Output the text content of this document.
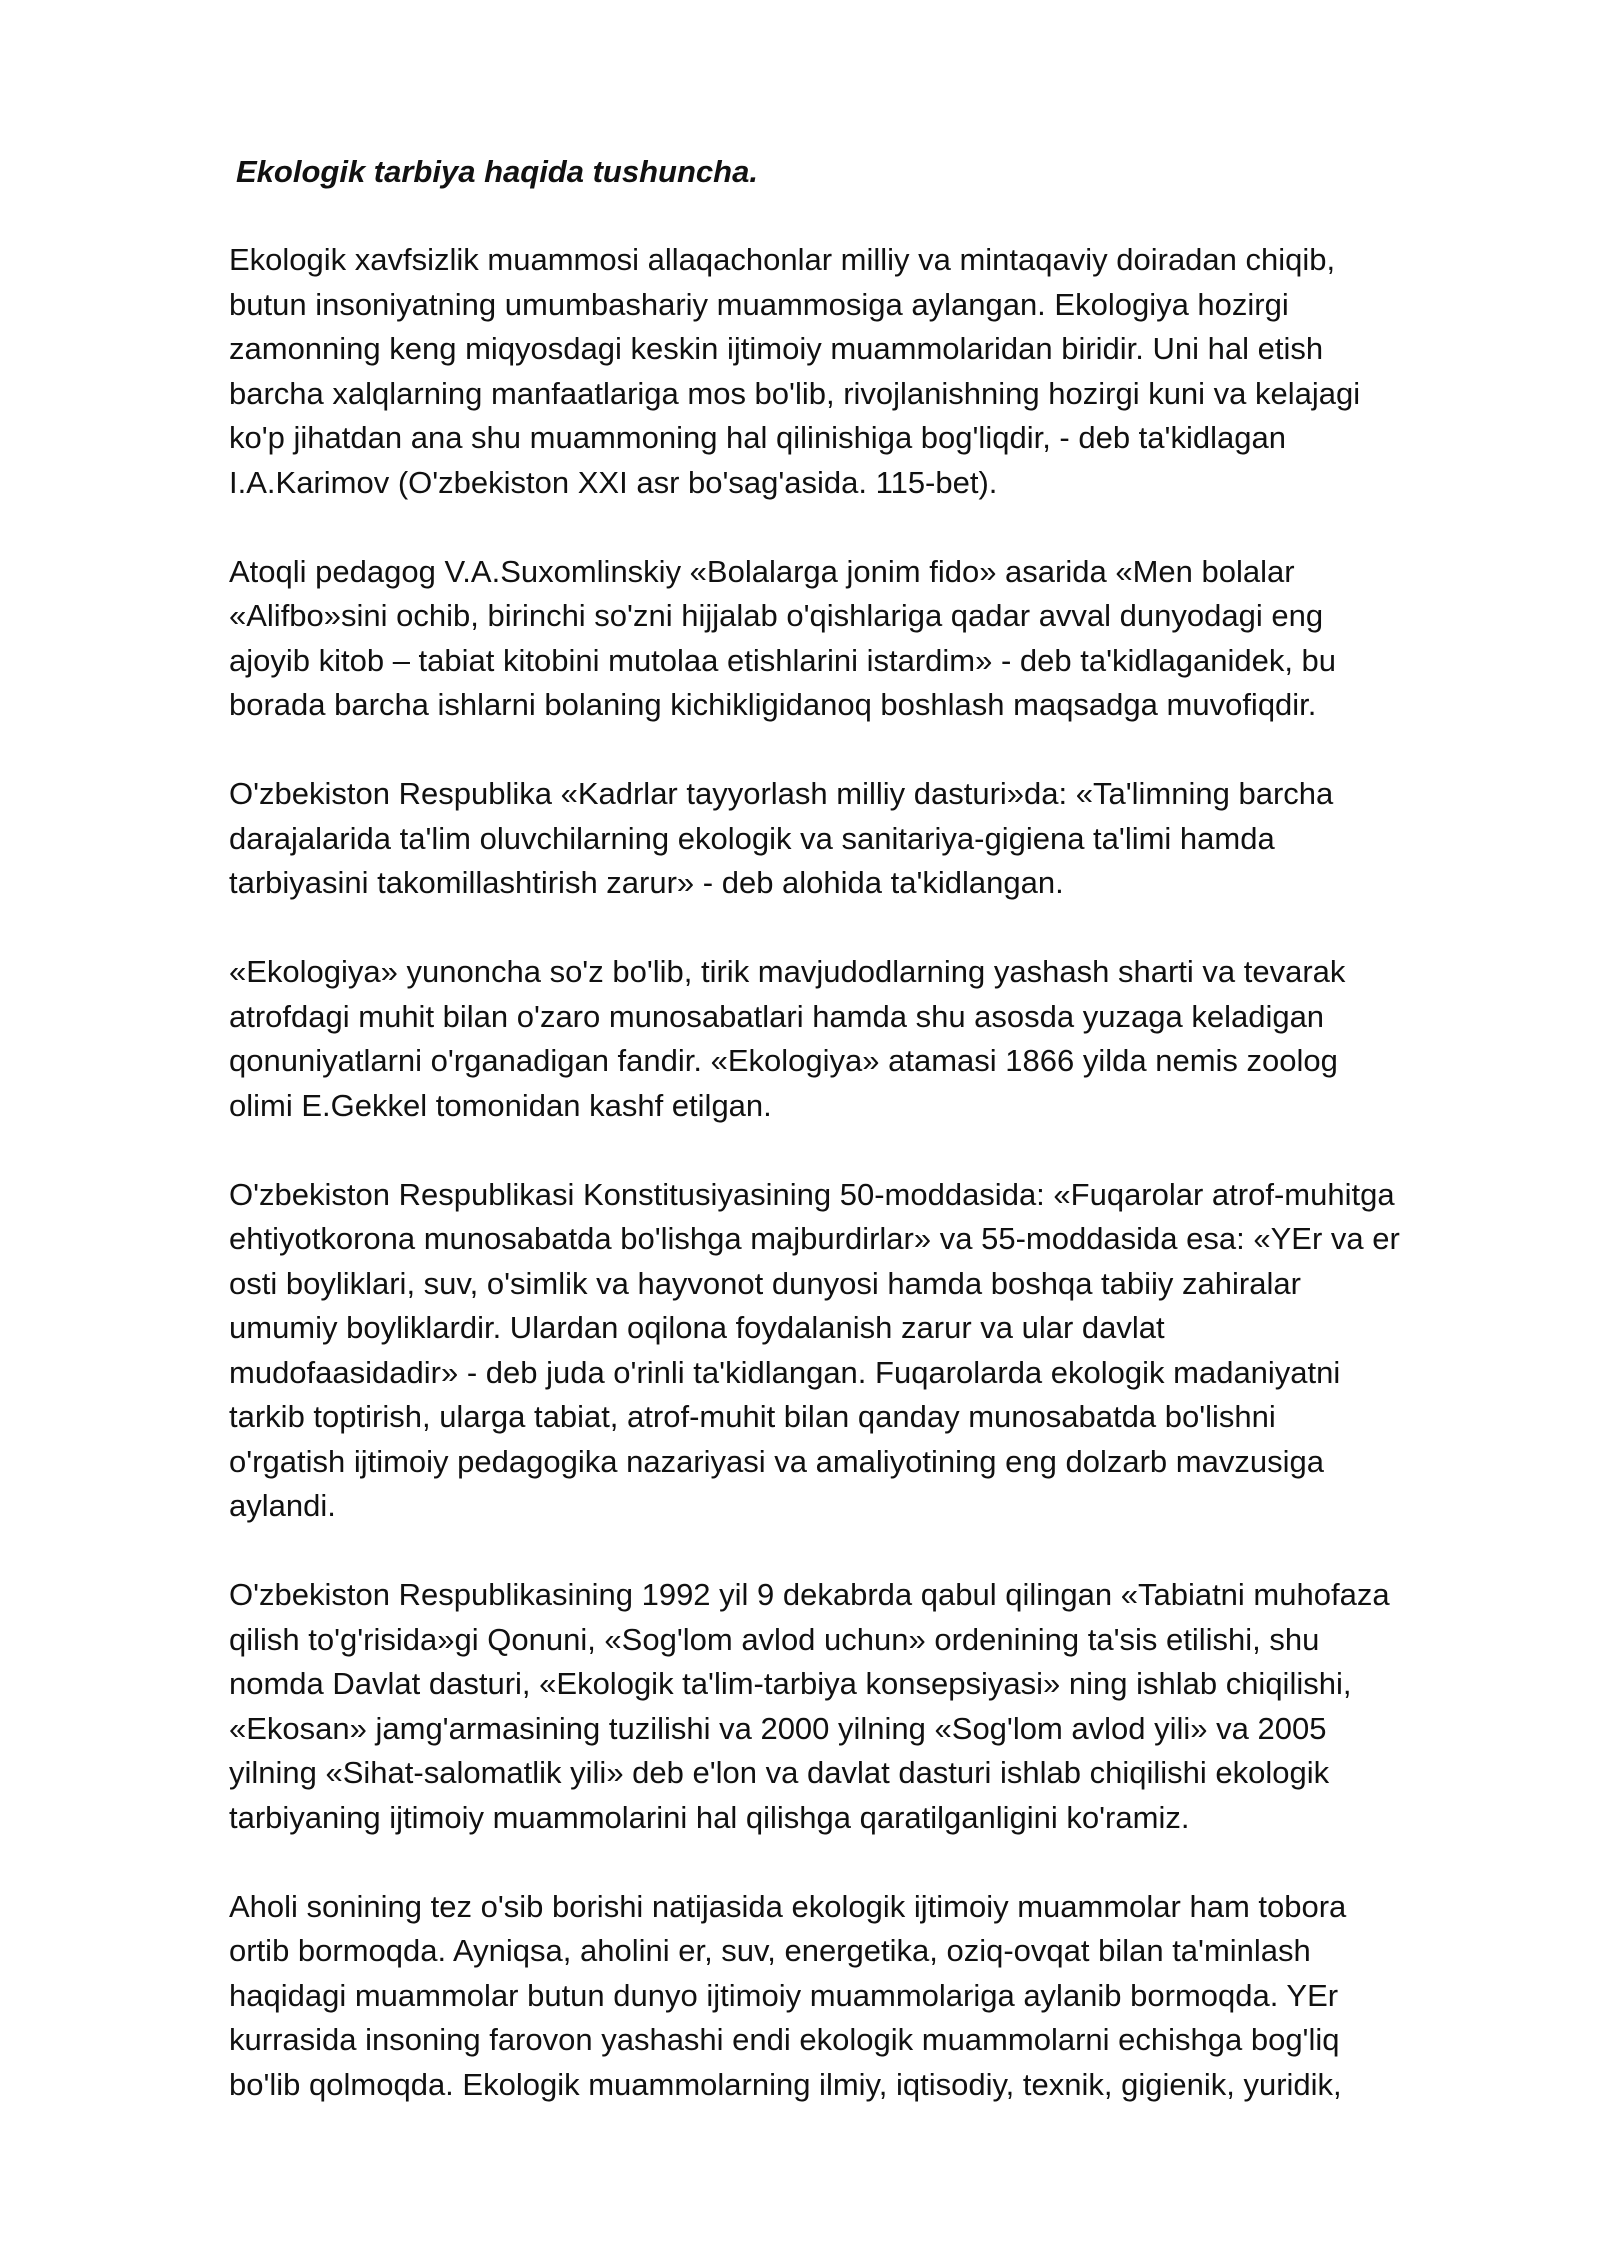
Ekologik tarbiya haqida tushuncha.
Ekologik xavfsizlik muammosi allaqachonlar milliy va mintaqaviy doiradan chiqib,
butun insoniyatning umumbashariy muammosiga aylangan. Ekologiya hozirgi
zamonning keng miqyosdagi keskin ijtimoiy muammolaridan biridir. Uni hal etish
barcha xalqlarning manfaatlariga mos bo'lib, rivojlanishning hozirgi kuni va kelajagi
ko'p jihatdan ana shu muammoning hal qilinishiga bog'liqdir, - deb ta'kidlagan
I.A.Karimov (O'zbekiston XXI asr bo'sag'asida. 115-bet).
Atoqli pedagog V.A.Suxomlinskiy «Bolalarga jonim fido» asarida «Men bolalar
«Alifbo»sini ochib, birinchi so'zni hijjalab o'qishlariga qadar avval dunyodagi eng
ajoyib kitob – tabiat kitobini mutolaa etishlarini istardim» - deb ta'kidlaganidek, bu
borada barcha ishlarni bolaning kichikligidanoq boshlash maqsadga muvofiqdir.
O'zbekiston Respublika «Kadrlar tayyorlash milliy dasturi»da: «Ta'limning barcha
darajalarida ta'lim oluvchilarning ekologik va sanitariya-gigiena ta'limi hamda
tarbiyasini takomillashtirish zarur» - deb alohida ta'kidlangan.
«Ekologiya» yunoncha so'z bo'lib, tirik mavjudodlarning yashash sharti va tevarak
atrofdagi muhit bilan o'zaro munosabatlari hamda shu asosda yuzaga keladigan
qonuniyatlarni o'rganadigan fandir. «Ekologiya» atamasi 1866 yilda nemis zoolog
olimi E.Gekkel tomonidan kashf etilgan.
O'zbekiston Respublikasi Konstitusiyasining 50-moddasida: «Fuqarolar atrof-muhitga
ehtiyotkorona munosabatda bo'lishga majburdirlar» va 55-moddasida esa: «YEr va er
osti boyliklari, suv, o'simlik va hayvonot dunyosi hamda boshqa tabiiy zahiralar
umumiy boyliklardir. Ulardan oqilona foydalanish zarur va ular davlat
mudofaasidadir» - deb juda o'rinli ta'kidlangan. Fuqarolarda ekologik madaniyatni
tarkib toptirish, ularga tabiat, atrof-muhit bilan qanday munosabatda bo'lishni
o'rgatish ijtimoiy pedagogika nazariyasi va amaliyotining eng dolzarb mavzusiga
aylandi.
O'zbekiston Respublikasining 1992 yil 9 dekabrda qabul qilingan «Tabiatni muhofaza
qilish to'g'risida»gi Qonuni, «Sog'lom avlod uchun» ordenining ta'sis etilishi, shu
nomda Davlat dasturi, «Ekologik ta'lim-tarbiya konsepsiyasi» ning ishlab chiqilishi,
«Ekosan» jamg'armasining tuzilishi va 2000 yilning «Sog'lom avlod yili» va 2005
yilning «Sihat-salomatlik yili» deb e'lon va davlat dasturi ishlab chiqilishi ekologik
tarbiyaning ijtimoiy muammolarini hal qilishga qaratilganligini ko'ramiz.
Aholi sonining tez o'sib borishi natijasida ekologik ijtimoiy muammolar ham tobora
ortib bormoqda. Ayniqsa, aholini er, suv, energetika, oziq-ovqat bilan ta'minlash
haqidagi muammolar butun dunyo ijtimoiy muammolariga aylanib bormoqda. YEr
kurrasida insoning farovon yashashi endi ekologik muammolarni echishga bog'liq
bo'lib qolmoqda. Ekologik muammolarning ilmiy, iqtisodiy, texnik, gigienik, yuridik,
